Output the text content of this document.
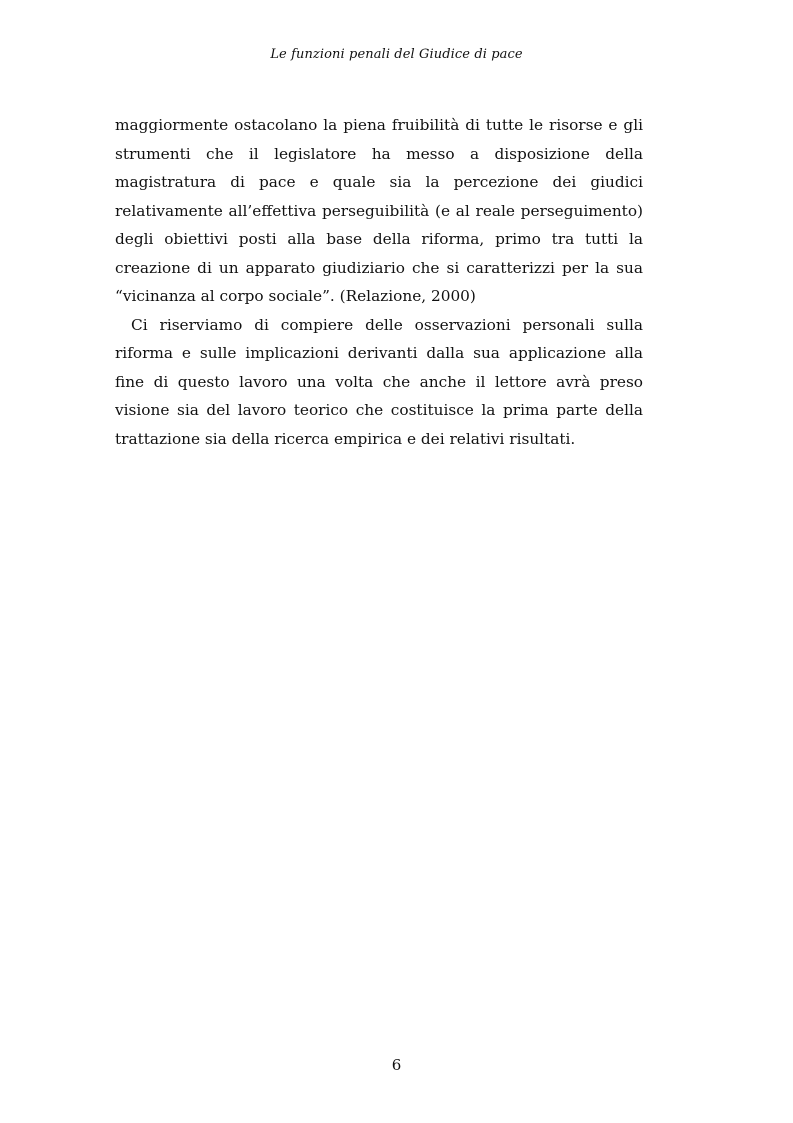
Le funzioni penali del Giudice di pace
maggiormente ostacolano la piena fruibilità di tutte le risorse e gli
strumenti che il legislatore ha messo a disposizione della
magistratura di pace e quale sia la percezione dei giudici
relativamente all’effettiva perseguibilità (e al reale perseguimento)
degli obiettivi posti alla base della riforma, primo tra tutti la
creazione di un apparato giudiziario che si caratterizzi per la sua
“vicinanza al corpo sociale”. (Relazione, 2000)
Ci riserviamo di compiere delle osservazioni personali sulla
riforma e sulle implicazioni derivanti dalla sua applicazione alla
fine di questo lavoro una volta che anche il lettore avrà preso
visione sia del lavoro teorico che costituisce la prima parte della
trattazione sia della ricerca empirica e dei relativi risultati.
6
